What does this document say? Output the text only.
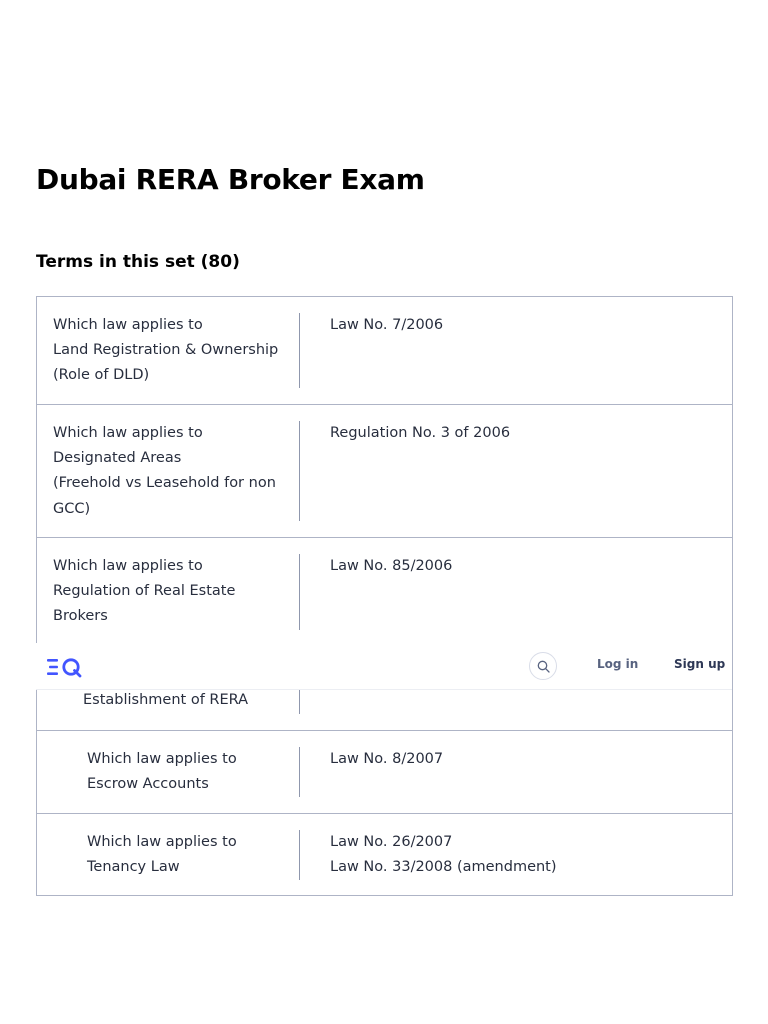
Dubai RERA Broker Exam
Terms in this set (80)
Which law applies to
Land Registration & Ownership
(Role of DLD)
Law No. 7/2006
Which law applies to
Designated Areas
(Freehold vs Leasehold for non
GCC)
Regulation No. 3 of 2006
Which law applies to
Regulation of Real Estate
Brokers
Law No. 85/2006
Establishment of RERA
Which law applies to
Escrow Accounts
Law No. 8/2007
Which law applies to
Tenancy Law
Law No. 26/2007
Law No. 33/2008 (amendment)
Log in	Sign up
